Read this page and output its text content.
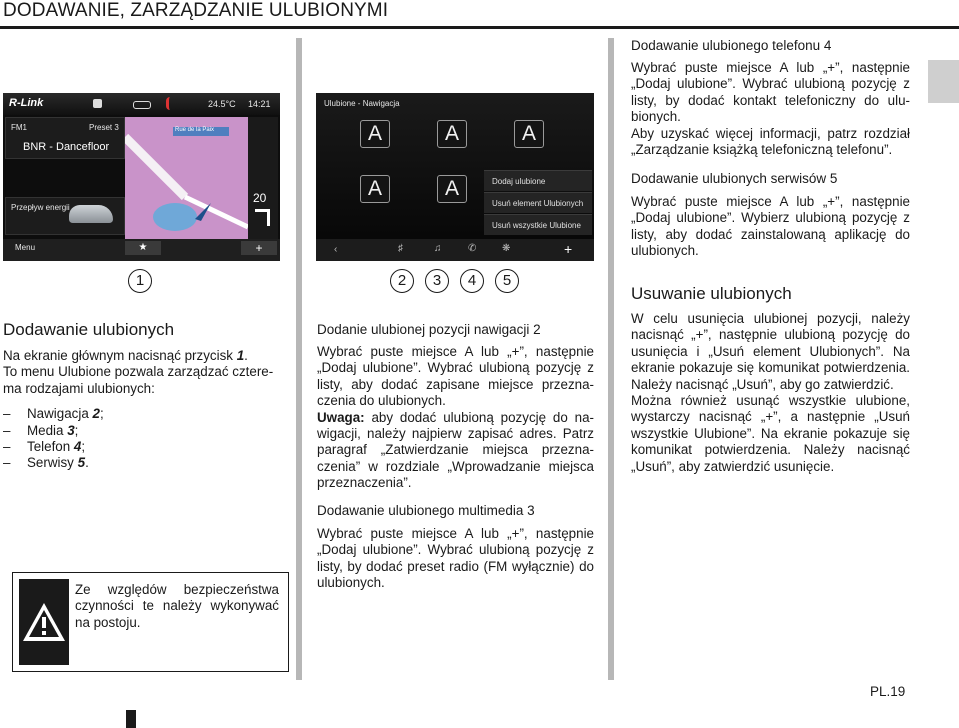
DODAWANIE, ZARZĄDZANIE ULUBIONYMI
R-Link	24.5°C 14:21
FM1	Preset 3
BNR - Dancefloor
Rue de la Paix
20
Przepływ energii
Menu	★	+
1
Ulubione - Nawigacja
A	A	A
A	A
‹	♯	♫	✆	❋	+
Dodaj ulubione
Usuń element Ulubionych
Usuń wszystkie Ulubione
2	3	4	5
Dodawanie ulubionych

Na ekranie głównym nacisnąć przycisk 1.

To menu Ulubione pozwala zarządzać czterema rodzajami ulubionych:

– Nawigacja 2;
– Media 3;
– Telefon 4;
– Serwisy 5.
Ze względów bezpieczeństwa czynności te należy wykonywać na postoju.
Dodanie ulubionej pozycji nawigacji 2

Wybrać puste miejsce A lub „+”, następnie „Dodaj ulubione”. Wybrać ulubioną pozycję z listy, aby dodać zapisane miejsce przeznaczenia do ulubionych.

Uwaga: aby dodać ulubioną pozycję do nawigacji, należy najpierw zapisać adres. Patrz paragraf „Zatwierdzanie miejsca przeznaczenia” w rozdziale „Wprowadzanie miejsca przeznaczenia”.

Dodawanie ulubionego multimedia 3
Wybrać puste miejsce A lub „+”, następnie „Dodaj ulubione”. Wybrać ulubioną pozycję z listy, by dodać preset radio (FM wyłącznie) do ulubionych.
Dodawanie ulubionego telefonu 4

Wybrać puste miejsce A lub „+”, następnie „Dodaj ulubione”. Wybrać ulubioną pozycję z listy, by dodać kontakt telefoniczny do ulubionych.

Aby uzyskać więcej informacji, patrz rozdział „Zarządzanie książką telefoniczną telefonu”.

Dodawanie ulubionych serwisów 5
Wybrać puste miejsce A lub „+”, następnie „Dodaj ulubione”. Wybierz ulubioną pozycję z listy, aby dodać zainstalowaną aplikację do ulubionych.
Usuwanie ulubionych

W celu usunięcia ulubionej pozycji, należy nacisnąć „+”, następnie ulubioną pozycję do usunięcia i „Usuń element Ulubionych”. Na ekranie pokazuje się komunikat potwierdzenia. Należy nacisnąć „Usuń”, aby go zatwierdzić.

Można również usunąć wszystkie ulubione, wystarczy nacisnąć „+”, a następnie „Usuń wszystkie Ulubione”. Na ekranie pokazuje się komunikat potwierdzenia. Należy nacisnąć „Usuń”, aby zatwierdzić usunięcie.

PL.19
